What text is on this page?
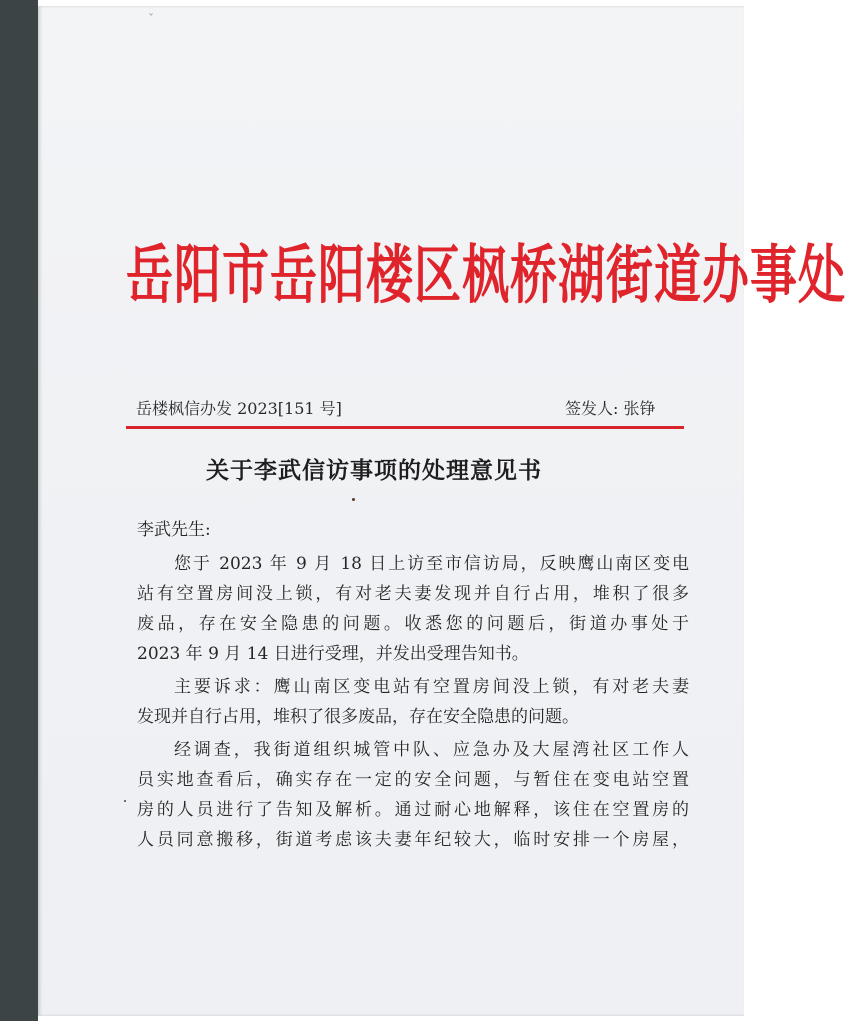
ˇ
岳阳市岳阳楼区枫桥湖街道办事处
岳楼枫信办发 2023[151 号]	签发人: 张铮
关于李武信访事项的处理意见书
李武先生:
您于 2023 年 9 月 18 日上访至市信访局，反映鹰山南区变电
站有空置房间没上锁，有对老夫妻发现并自行占用，堆积了很多
废品，存在安全隐患的问题。收悉您的问题后，街道办事处于
2023 年 9 月 14 日进行受理，并发出受理告知书。
主要诉求：鹰山南区变电站有空置房间没上锁，有对老夫妻
发现并自行占用，堆积了很多废品，存在安全隐患的问题。
经调查，我街道组织城管中队、应急办及大屋湾社区工作人
员实地查看后，确实存在一定的安全问题，与暂住在变电站空置
房的人员进行了告知及解析。通过耐心地解释，该住在空置房的
人员同意搬移，街道考虑该夫妻年纪较大，临时安排一个房屋，
